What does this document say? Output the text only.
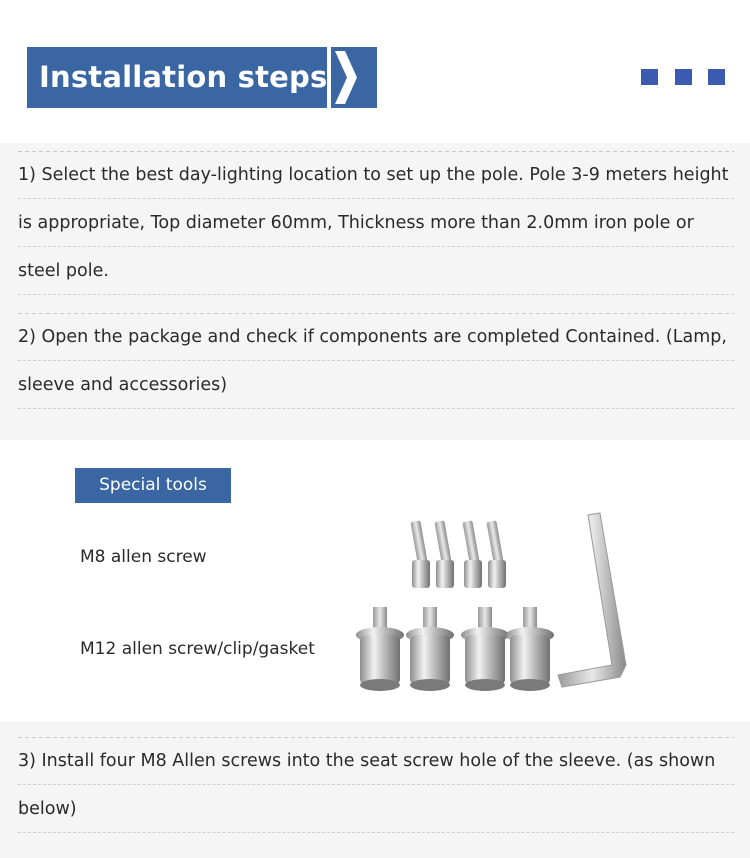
Installation steps
1) Select the best day-lighting location to set up the pole. Pole 3-9 meters height
is appropriate, Top diameter 60mm, Thickness more than 2.0mm iron pole or
steel pole.
2) Open the package and check if components are completed Contained. (Lamp,
sleeve and accessories)
Special tools
M8 allen screw
M12 allen screw/clip/gasket
3) Install four M8 Allen screws into the seat screw hole of the sleeve. (as shown
below)
